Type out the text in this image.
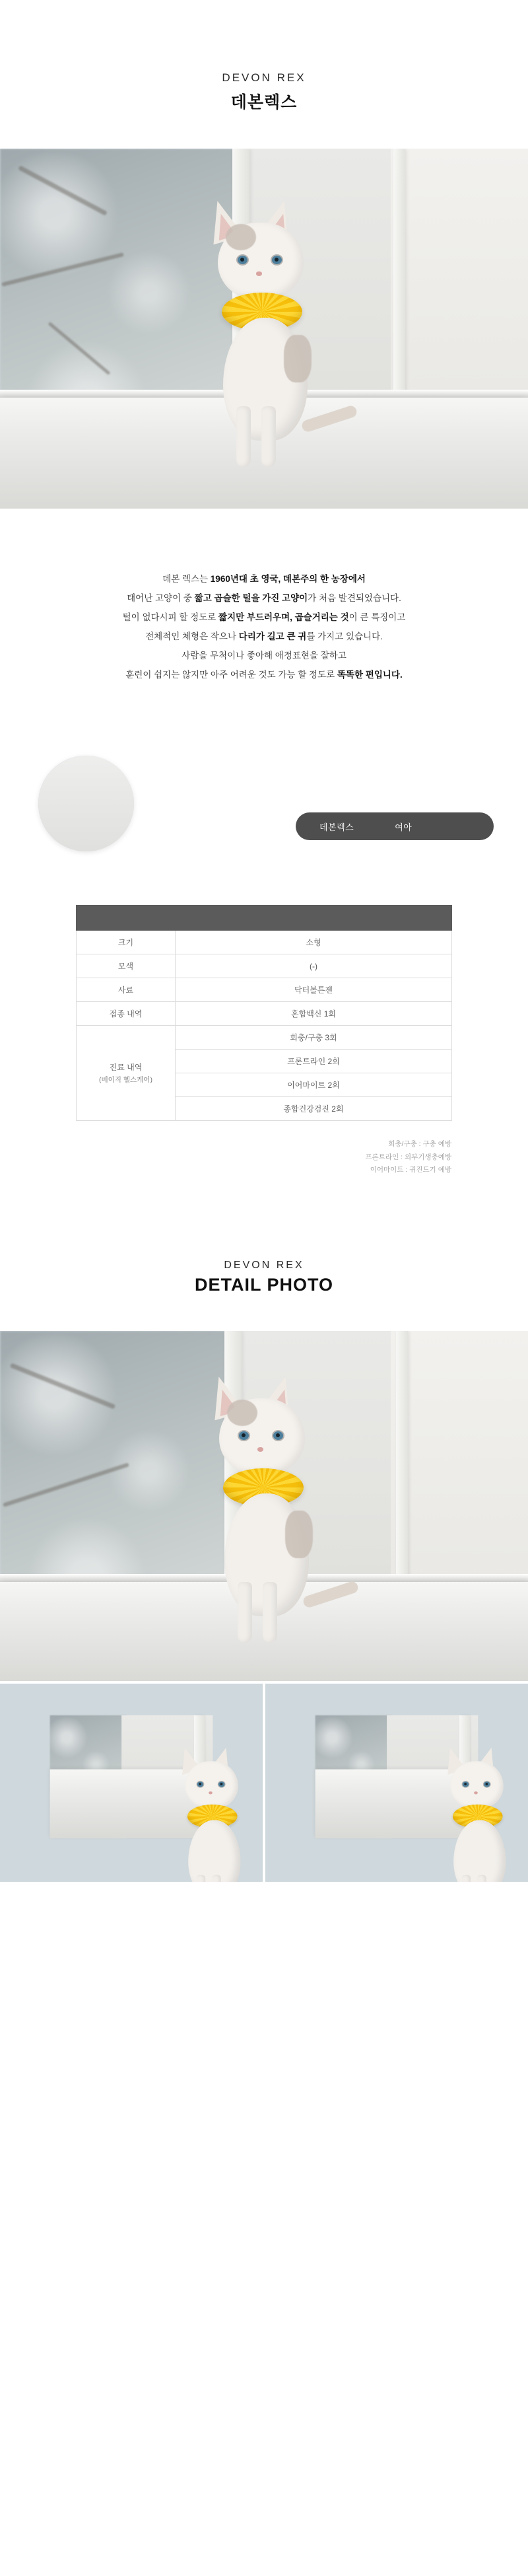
DEVON REX
데본렉스
데본 렉스는 1960년대 초 영국, 데본주의 한 농장에서
태어난 고양이 중 짧고 곱슬한 털을 가진 고양이가 처음 발견되었습니다.
털이 없다시피 할 정도로 짧지만 부드러우며, 곱슬거리는 것이 큰 특징이고
전체적인 체형은 작으나 다리가 길고 큰 귀를 가지고 있습니다.
사람을 무척이나 좋아해 애정표현을 잘하고
훈련이 쉽지는 않지만 아주 어려운 것도 가능 할 정도로 똑똑한 편입니다.
데본렉스	여아

크기	소형
모색	(-)
사료	닥터볼튼젠
접종 내역	혼합백신 1회
진료 내역
(베이직 헬스케어)	회충/구충 3회
	프론트라인 2회
	이어마이트 2회
	종합건강검진 2회
회충/구충 : 구충 예방
프론트라인 : 외부기생충예방
이어마이트 : 귀진드기 예방
DEVON REX
DETAIL PHOTO
